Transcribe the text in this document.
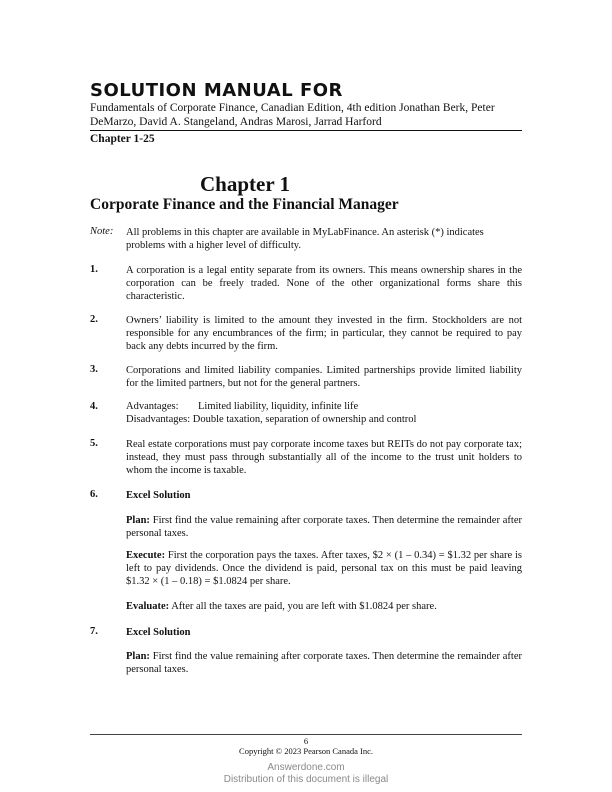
SOLUTION MANUAL FOR
Fundamentals of Corporate Finance, Canadian Edition, 4th edition Jonathan Berk, Peter
DeMarzo, David A. Stangeland, Andras Marosi, Jarrad Harford
Chapter 1-25
Chapter 1
Corporate Finance and the Financial Manager
Note: All problems in this chapter are available in MyLabFinance. An asterisk (*) indicates problems with a higher level of difficulty.
1.	A corporation is a legal entity separate from its owners. This means ownership shares in the corporation can be freely traded. None of the other organizational forms share this characteristic.
2.	Owners’ liability is limited to the amount they invested in the firm. Stockholders are not responsible for any encumbrances of the firm; in particular, they cannot be required to pay back any debts incurred by the firm.
3.	Corporations and limited liability companies. Limited partnerships provide limited liability for the limited partners, but not for the general partners.
4.	Advantages: Limited liability, liquidity, infinite life
Disadvantages: Double taxation, separation of ownership and control
5.	Real estate corporations must pay corporate income taxes but REITs do not pay corporate tax; instead, they must pass through substantially all of the income to the trust unit holders to whom the income is taxable.
6.	Excel Solution
Plan: First find the value remaining after corporate taxes. Then determine the remainder after personal taxes.
Execute: First the corporation pays the taxes. After taxes, $2 × (1 – 0.34) = $1.32 per share is left to pay dividends. Once the dividend is paid, personal tax on this must be paid leaving $1.32 × (1 – 0.18) = $1.0824 per share.
Evaluate: After all the taxes are paid, you are left with $1.0824 per share.
7.	Excel Solution
Plan: First find the value remaining after corporate taxes. Then determine the remainder after personal taxes.
6
Copyright © 2023 Pearson Canada Inc.
Answerdone.com
Distribution of this document is illegal
